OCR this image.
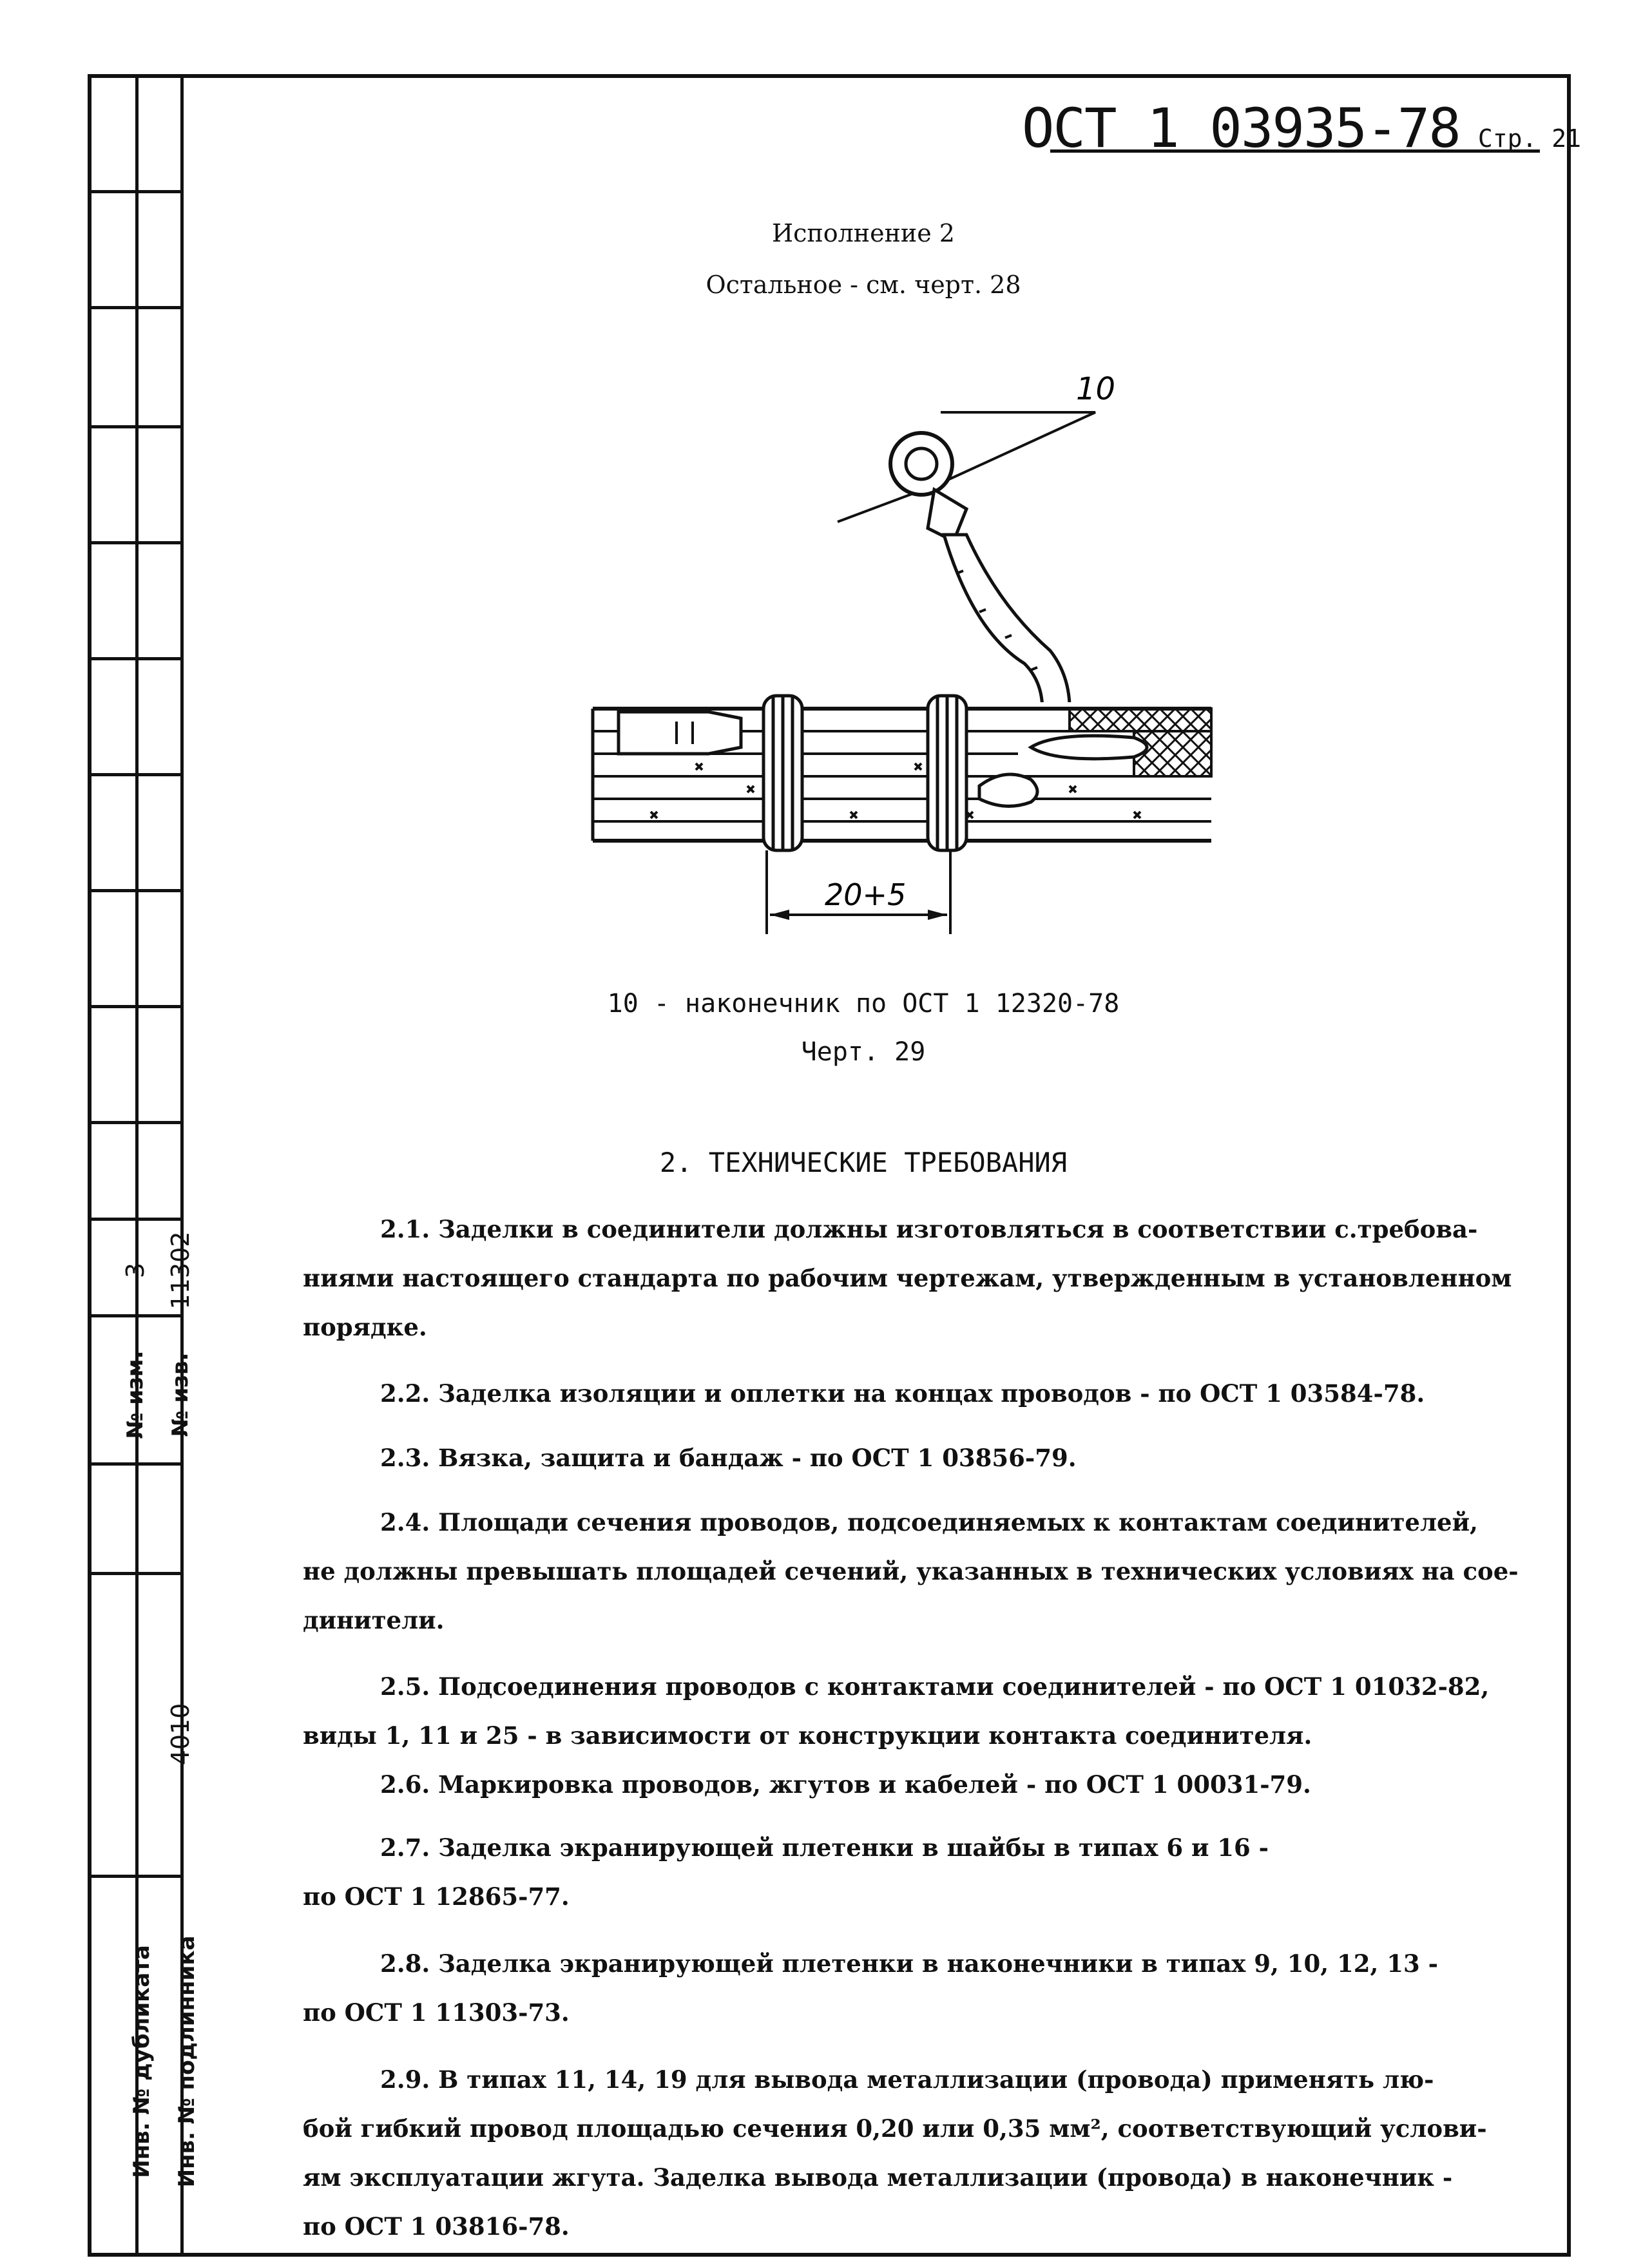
№ изм. № изв.
3 11302
4010
Инв. № дубликата Инв. № подлинника
ОСТ 1 03935-78 Стр. 21
Исполнение 2
Остальное - см. черт. 28
10
20+5
10 - наконечник по ОСТ 1 12320-78
Черт. 29
2. ТЕХНИЧЕСКИЕ ТРЕБОВАНИЯ

2.1. Заделки в соединители должны изготовляться в соответствии с.требова-

ниями настоящего стандарта по рабочим чертежам, утвержденным в установленном

порядке.

2.2. Заделка изоляции и оплетки на концах проводов - по ОСТ 1 03584-78.

2.3. Вязка, защита и бандаж - по ОСТ 1 03856-79.

2.4. Площади сечения проводов, подсоединяемых к контактам соединителей,

не должны превышать площадей сечений, указанных в технических условиях на сое-

динители.

2.5. Подсоединения проводов с контактами соединителей - по ОСТ 1 01032-82,

виды 1, 11 и 25 - в зависимости от конструкции контакта соединителя.

2.6. Маркировка проводов, жгутов и кабелей - по ОСТ 1 00031-79.

2.7. Заделка экранирующей плетенки в шайбы в типах 6 и 16 -

по ОСТ 1 12865-77.

2.8. Заделка экранирующей плетенки в наконечники в типах 9, 10, 12, 13 -

по ОСТ 1 11303-73.

2.9. В типах 11, 14, 19 для вывода металлизации (провода) применять лю-

бой гибкий провод площадью сечения 0,20 или 0,35 мм², соответствующий услови-

ям эксплуатации жгута. Заделка вывода металлизации (провода) в наконечник -

по ОСТ 1 03816-78.
